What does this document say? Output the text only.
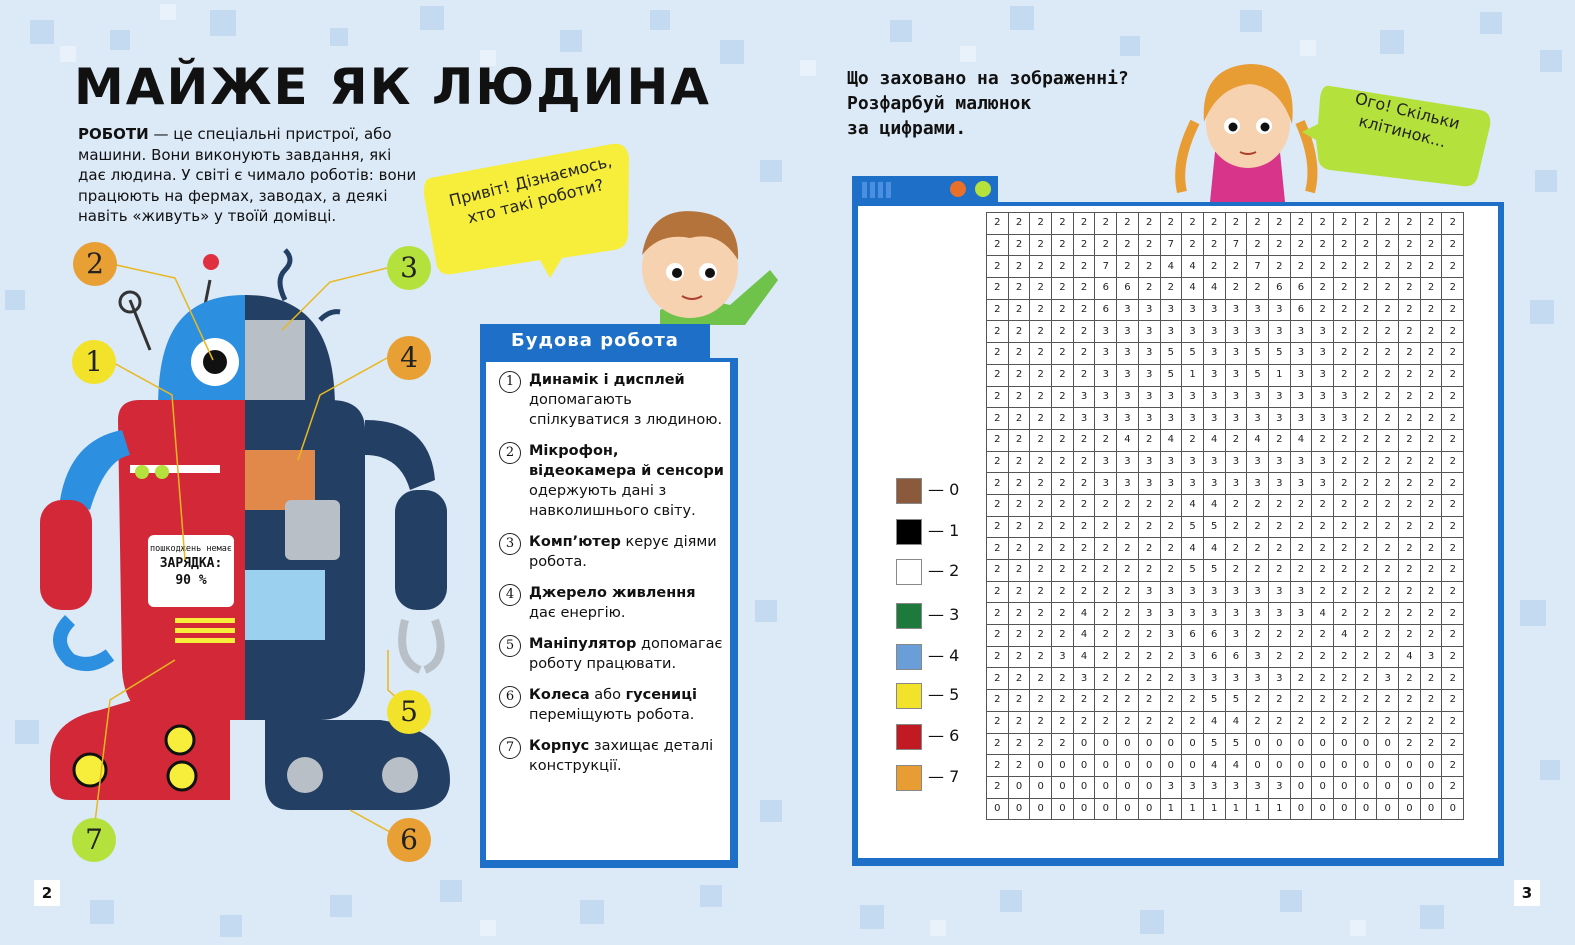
МАЙЖЕ ЯК ЛЮДИНА
РОБОТИ — це спеціальні пристрої, або машини. Вони виконують завдання, які дає людина. У світі є чимало роботів: вони працюють на фермах, заводах, а деякі навіть «живуть» у твоїй домівці.
пошкоджень немає
ЗАРЯДКА:
90 %
2
1
3
4
5
6
7
Привіт! Дізнаємось, хто такі роботи?
Будова робота
1	Динамік і дисплей допомагають спілкуватися з людиною.
2	Мікрофон, відеокамера й сенсори одержують дані з навколишнього світу.
3	Комп’ютер керує діями робота.
4	Джерело живлення дає енергію.
5	Маніпулятор допомагає роботу працювати.
6	Колеса або гусениці переміщують робота.
7	Корпус захищає деталі конструкції.
2
Що заховано на зображенні?
Розфарбуй малюнок
за цифрами.	Ого! Скільки клітинок...
— 0
— 1
— 2
— 3
— 4
— 5
— 6
— 7
2	2	2	2	2	2	2	2	2	2	2	2	2	2	2	2	2	2	2	2	2	2
2	2	2	2	2	2	2	2	7	2	2	7	2	2	2	2	2	2	2	2	2	2
2	2	2	2	2	7	2	2	4	4	2	2	7	2	2	2	2	2	2	2	2	2
2	2	2	2	2	6	6	2	2	4	4	2	2	6	6	2	2	2	2	2	2	2
2	2	2	2	2	6	3	3	3	3	3	3	3	3	6	2	2	2	2	2	2	2
2	2	2	2	2	3	3	3	3	3	3	3	3	3	3	3	2	2	2	2	2	2
2	2	2	2	2	3	3	3	5	5	3	3	5	5	3	3	2	2	2	2	2	2
2	2	2	2	2	3	3	3	5	1	3	3	5	1	3	3	2	2	2	2	2	2
2	2	2	2	3	3	3	3	3	3	3	3	3	3	3	3	3	2	2	2	2	2
2	2	2	2	3	3	3	3	3	3	3	3	3	3	3	3	3	2	2	2	2	2
2	2	2	2	2	2	4	2	4	2	4	2	4	2	4	2	2	2	2	2	2	2
2	2	2	2	2	3	3	3	3	3	3	3	3	3	3	3	2	2	2	2	2	2
2	2	2	2	2	3	3	3	3	3	3	3	3	3	3	3	2	2	2	2	2	2
2	2	2	2	2	2	2	2	2	4	4	2	2	2	2	2	2	2	2	2	2	2
2	2	2	2	2	2	2	2	2	5	5	2	2	2	2	2	2	2	2	2	2	2
2	2	2	2	2	2	2	2	2	4	4	2	2	2	2	2	2	2	2	2	2	2
2	2	2	2	2	2	2	2	2	5	5	2	2	2	2	2	2	2	2	2	2	2
2	2	2	2	2	2	2	3	3	3	3	3	3	3	3	2	2	2	2	2	2	2
2	2	2	2	4	2	2	3	3	3	3	3	3	3	3	4	2	2	2	2	2	2
2	2	2	2	4	2	2	2	3	6	6	3	2	2	2	2	4	2	2	2	2	2
2	2	2	3	4	2	2	2	2	3	6	6	3	2	2	2	2	2	2	4	3	2
2	2	2	2	3	2	2	2	2	3	3	3	3	3	2	2	2	2	3	2	2	2
2	2	2	2	2	2	2	2	2	2	5	5	2	2	2	2	2	2	2	2	2	2
2	2	2	2	2	2	2	2	2	2	4	4	2	2	2	2	2	2	2	2	2	2
2	2	2	2	0	0	0	0	0	0	5	5	0	0	0	0	0	0	0	2	2	2
2	2	0	0	0	0	0	0	0	0	4	4	0	0	0	0	0	0	0	0	0	2
2	0	0	0	0	0	0	0	3	3	3	3	3	3	0	0	0	0	0	0	0	2
0	0	0	0	0	0	0	0	1	1	1	1	1	1	0	0	0	0	0	0	0	0
3
